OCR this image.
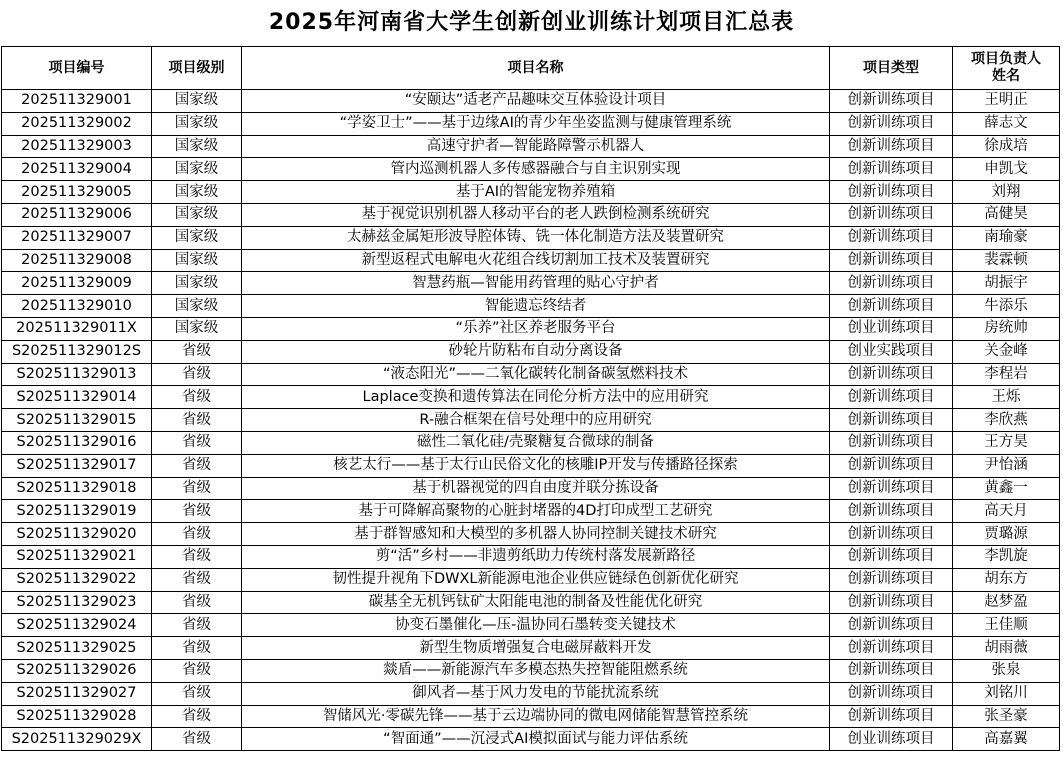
2025年河南省大学生创新创业训练计划项目汇总表
项目编号	项目级别	项目名称	项目类型	项目负责人
姓名

202511329001	国家级	“安颐达”适老产品趣味交互体验设计项目	创新训练项目	王明正
202511329002	国家级	“学姿卫士”——基于边缘AI的青少年坐姿监测与健康管理系统	创新训练项目	薛志文
202511329003	国家级	高速守护者—智能路障警示机器人	创新训练项目	徐成培
202511329004	国家级	管内巡测机器人多传感器融合与自主识别实现	创新训练项目	申凯戈
202511329005	国家级	基于AI的智能宠物养殖箱	创新训练项目	刘翔
202511329006	国家级	基于视觉识别机器人移动平台的老人跌倒检测系统研究	创新训练项目	高健昊
202511329007	国家级	太赫兹金属矩形波导腔体铸、铣一体化制造方法及装置研究	创新训练项目	南瑜豪
202511329008	国家级	新型返程式电解电火花组合线切割加工技术及装置研究	创新训练项目	裴霖顿
202511329009	国家级	智慧药瓶—智能用药管理的贴心守护者	创新训练项目	胡振宇
202511329010	国家级	智能遗忘终结者	创新训练项目	牛添乐
202511329011X	国家级	“乐养”社区养老服务平台	创业训练项目	房统帅
S202511329012S	省级	砂轮片防粘布自动分离设备	创业实践项目	关金峰
S202511329013	省级	“液态阳光”——二氧化碳转化制备碳氢燃料技术	创新训练项目	李程岩
S202511329014	省级	Laplace变换和遗传算法在同伦分析方法中的应用研究	创新训练项目	王烁
S202511329015	省级	R-融合框架在信号处理中的应用研究	创新训练项目	李欣燕
S202511329016	省级	磁性二氧化硅/壳聚糖复合微球的制备	创新训练项目	王方昊
S202511329017	省级	核艺太行——基于太行山民俗文化的核雕IP开发与传播路径探索	创新训练项目	尹怡涵
S202511329018	省级	基于机器视觉的四自由度并联分拣设备	创新训练项目	黄鑫一
S202511329019	省级	基于可降解高聚物的心脏封堵器的4D打印成型工艺研究	创新训练项目	高天月
S202511329020	省级	基于群智感知和大模型的多机器人协同控制关键技术研究	创新训练项目	贾璐源
S202511329021	省级	剪“活”乡村——非遗剪纸助力传统村落发展新路径	创新训练项目	李凯旋
S202511329022	省级	韧性提升视角下DWXL新能源电池企业供应链绿色创新优化研究	创新训练项目	胡东方
S202511329023	省级	碳基全无机钙钛矿太阳能电池的制备及性能优化研究	创新训练项目	赵梦盈
S202511329024	省级	协变石墨催化—压-温协同石墨转变关键技术	创新训练项目	王佳顺
S202511329025	省级	新型生物质增强复合电磁屏蔽料开发	创新训练项目	胡雨薇
S202511329026	省级	燚盾——新能源汽车多模态热失控智能阻燃系统	创新训练项目	张泉
S202511329027	省级	御风者—基于风力发电的节能扰流系统	创新训练项目	刘铭川
S202511329028	省级	智储风光·零碳先锋——基于云边端协同的微电网储能智慧管控系统	创新训练项目	张圣豪
S202511329029X	省级	“智面通”——沉浸式AI模拟面试与能力评估系统	创业训练项目	高嘉翼
